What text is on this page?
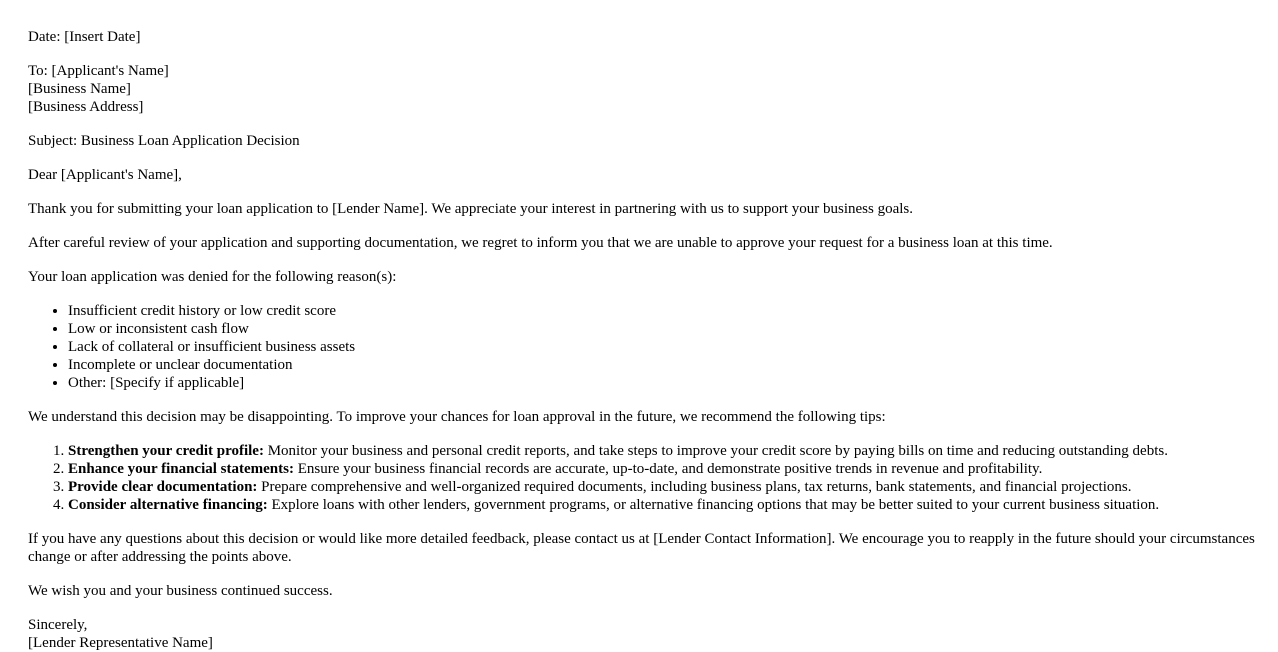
Date: [Insert Date]

To: [Applicant's Name]
[Business Name]
[Business Address]

Subject: Business Loan Application Decision

Dear [Applicant's Name],

Thank you for submitting your loan application to [Lender Name]. We appreciate your interest in partnering with us to support your business goals.

After careful review of your application and supporting documentation, we regret to inform you that we are unable to approve your request for a business loan at this time.

Your loan application was denied for the following reason(s):

• Insufficient credit history or low credit score
• Low or inconsistent cash flow
• Lack of collateral or insufficient business assets
• Incomplete or unclear documentation
• Other: [Specify if applicable]

We understand this decision may be disappointing. To improve your chances for loan approval in the future, we recommend the following tips:

1. Strengthen your credit profile: Monitor your business and personal credit reports, and take steps to improve your credit score by paying bills on time and reducing outstanding debts.
2. Enhance your financial statements: Ensure your business financial records are accurate, up-to-date, and demonstrate positive trends in revenue and profitability.
3. Provide clear documentation: Prepare comprehensive and well-organized required documents, including business plans, tax returns, bank statements, and financial projections.
4. Consider alternative financing: Explore loans with other lenders, government programs, or alternative financing options that may be better suited to your current business situation.

If you have any questions about this decision or would like more detailed feedback, please contact us at [Lender Contact Information]. We encourage you to reapply in the future should your circumstances change or after addressing the points above.

We wish you and your business continued success.

Sincerely,
[Lender Representative Name]
